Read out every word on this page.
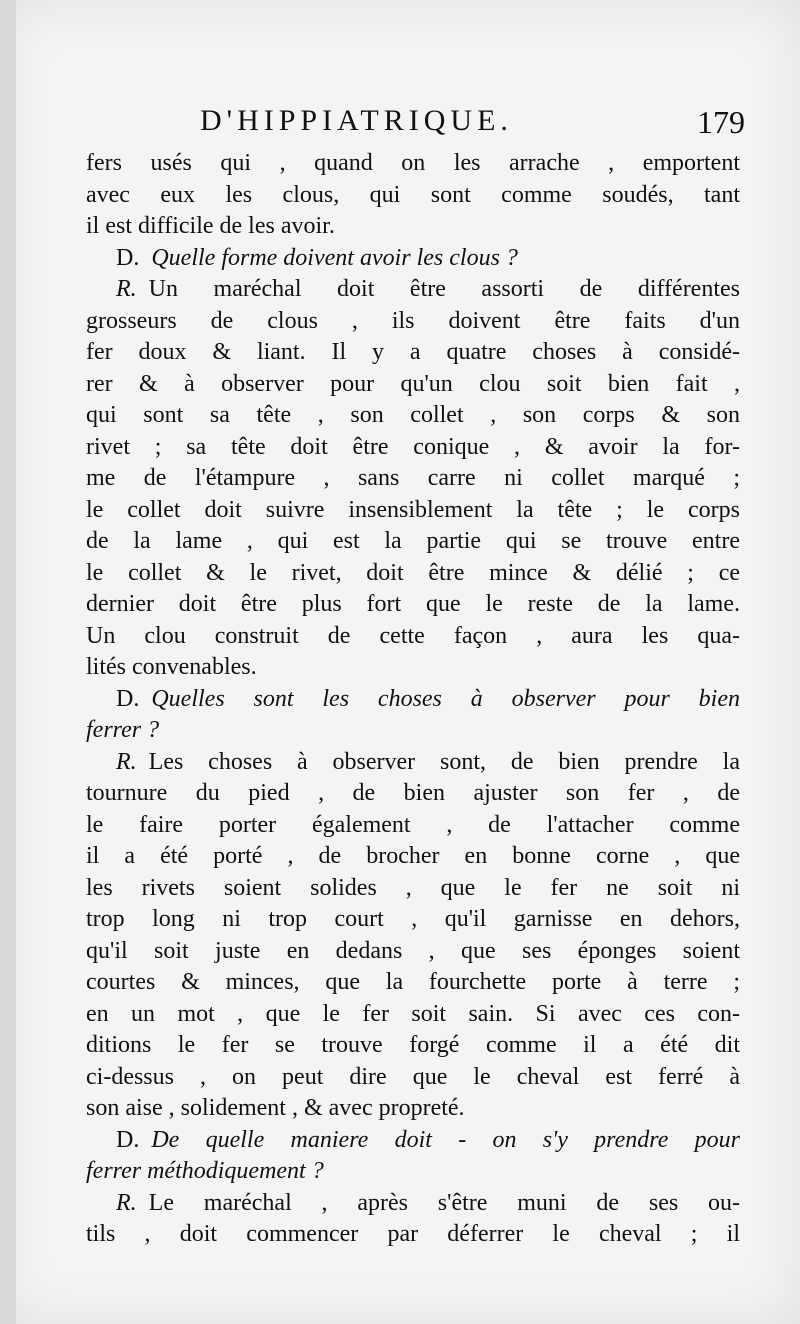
D'HIPPIATRIQUE.	179
fers usés qui , quand on les arrache , emportent
avec eux les clous, qui sont comme soudés, tant
il est difficile de les avoir.
D. Quelle forme doivent avoir les clous ?
R. Un maréchal doit être assorti de différentes
grosseurs de clous , ils doivent être faits d'un
fer doux & liant. Il y a quatre choses à considé-
rer & à observer pour qu'un clou soit bien fait ,
qui sont sa tête , son collet , son corps & son
rivet ; sa tête doit être conique , & avoir la for-
me de l'étampure , sans carre ni collet marqué ;
le collet doit suivre insensiblement la tête ; le corps
de la lame , qui est la partie qui se trouve entre
le collet & le rivet, doit être mince & délié ; ce
dernier doit être plus fort que le reste de la lame.
Un clou construit de cette façon , aura les qua-
lités convenables.
D. Quelles sont les choses à observer pour bien
ferrer ?
R. Les choses à observer sont, de bien prendre la
tournure du pied , de bien ajuster son fer , de
le faire porter également , de l'attacher comme
il a été porté , de brocher en bonne corne , que
les rivets soient solides , que le fer ne soit ni
trop long ni trop court , qu'il garnisse en dehors,
qu'il soit juste en dedans , que ses éponges soient
courtes & minces, que la fourchette porte à terre ;
en un mot , que le fer soit sain. Si avec ces con-
ditions le fer se trouve forgé comme il a été dit
ci-dessus , on peut dire que le cheval est ferré à
son aise , solidement , & avec propreté.
D. De quelle maniere doit - on s'y prendre pour
ferrer méthodiquement ?
R. Le maréchal , après s'être muni de ses ou-
tils , doit commencer par déferrer le cheval ; il
